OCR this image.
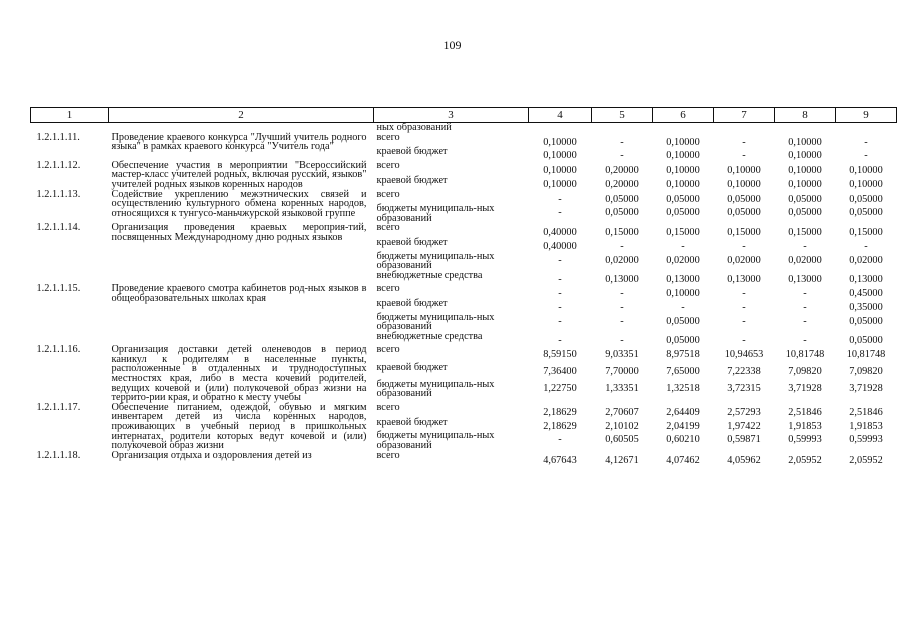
109
1	2	3	4	5	6	7	8	9
		ных образований						
1.2.1.1.11.	Проведение краевого конкурса "Лучший учитель родного языка" в рамках краевого конкурса "Учитель года"	всего	0,10000	-	0,10000	-	0,10000	-
		краевой бюджет	0,10000	-	0,10000	-	0,10000	-
1.2.1.1.12.	Обеспечение участия в мероприятии "Всероссийский мастер-класс учителей родных, включая русский, языков" учителей родных языков коренных народов	всего	0,10000	0,20000	0,10000	0,10000	0,10000	0,10000
		краевой бюджет	0,10000	0,20000	0,10000	0,10000	0,10000	0,10000
1.2.1.1.13.	Содействие укреплению межэтнических связей и осуществлению культурного обмена коренных народов, относящихся к тунгусо-маньчжурской языковой группе	всего	-	0,05000	0,05000	0,05000	0,05000	0,05000
		бюджеты муниципаль-ных образований	-	0,05000	0,05000	0,05000	0,05000	0,05000
1.2.1.1.14.	Организация проведения краевых мероприя-тий, посвященных Международному дню родных языков	всего	0,40000	0,15000	0,15000	0,15000	0,15000	0,15000
		краевой бюджет	0,40000	-	-	-	-	-
		бюджеты муниципаль-ных образований	-	0,02000	0,02000	0,02000	0,02000	0,02000
		внебюджетные средства	-	0,13000	0,13000	0,13000	0,13000	0,13000
1.2.1.1.15.	Проведение краевого смотра кабинетов род-ных языков в общеобразовательных школах края	всего	-	-	0,10000	-	-	0,45000
		краевой бюджет	-	-	-	-	-	0,35000
		бюджеты муниципаль-ных образований	-	-	0,05000	-	-	0,05000
		внебюджетные средства	-	-	0,05000	-	-	0,05000
1.2.1.1.16.	Организация доставки детей оленеводов в период каникул к родителям в населенные пункты, расположенные в отдаленных и труднодоступных местностях края, либо в места кочевий родителей, ведущих кочевой и (или) полукочевой образ жизни на террито-рии края, и обратно к месту учебы	всего	8,59150	9,03351	8,97518	10,94653	10,81748	10,81748
		краевой бюджет	7,36400	7,70000	7,65000	7,22338	7,09820	7,09820
		бюджеты муниципаль-ных образований	1,22750	1,33351	1,32518	3,72315	3,71928	3,71928
1.2.1.1.17.	Обеспечение питанием, одеждой, обувью и мягким инвентарем детей из числа коренных народов, проживающих в учебный период в пришкольных интернатах, родители которых ведут кочевой и (или) полукочевой образ жизни	всего	2,18629	2,70607	2,64409	2,57293	2,51846	2,51846
		краевой бюджет	2,18629	2,10102	2,04199	1,97422	1,91853	1,91853
		бюджеты муниципаль-ных образований	-	0,60505	0,60210	0,59871	0,59993	0,59993
1.2.1.1.18.	Организация отдыха и оздоровления детей из	всего	4,67643	4,12671	4,07462	4,05962	2,05952	2,05952
